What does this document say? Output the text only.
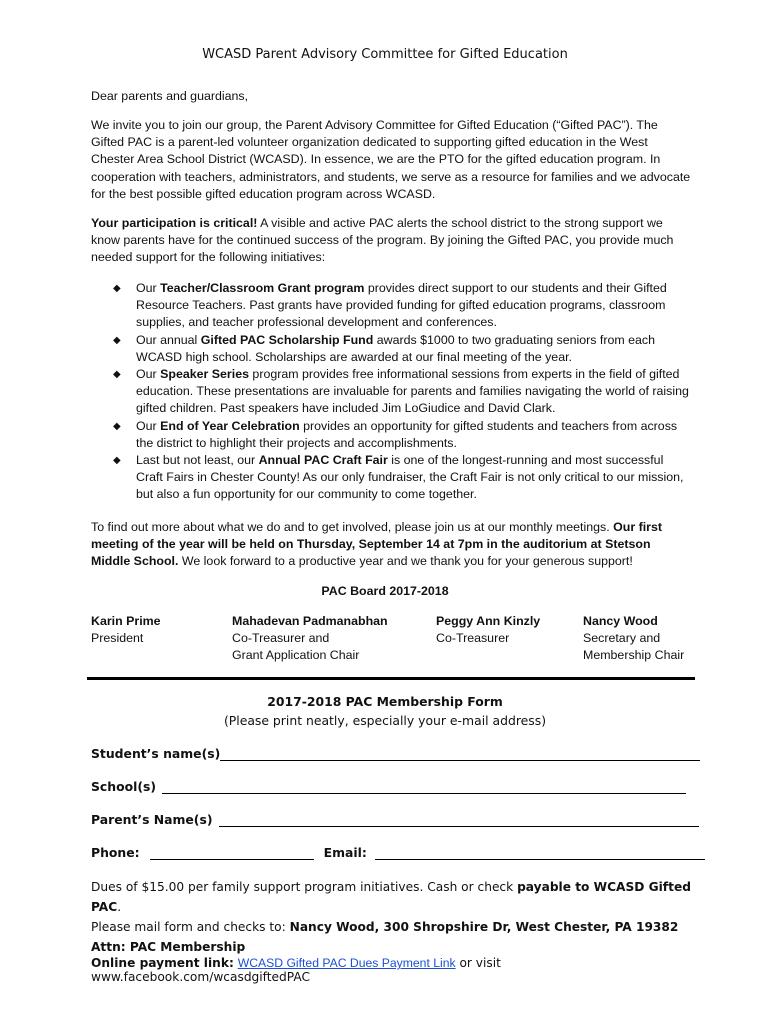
WCASD Parent Advisory Committee for Gifted Education

Dear parents and guardians,

We invite you to join our group, the Parent Advisory Committee for Gifted Education (“Gifted PAC”). The Gifted PAC is a parent-led volunteer organization dedicated to supporting gifted education in the West Chester Area School District (WCASD). In essence, we are the PTO for the gifted education program. In cooperation with teachers, administrators, and students, we serve as a resource for families and we advocate for the best possible gifted education program across WCASD.

Your participation is critical! A visible and active PAC alerts the school district to the strong support we know parents have for the continued success of the program. By joining the Gifted PAC, you provide much needed support for the following initiatives:

◆ Our Teacher/Classroom Grant program provides direct support to our students and their Gifted Resource Teachers. Past grants have provided funding for gifted education programs, classroom supplies, and teacher professional development and conferences.
◆ Our annual Gifted PAC Scholarship Fund awards $1000 to two graduating seniors from each WCASD high school. Scholarships are awarded at our final meeting of the year.
◆ Our Speaker Series program provides free informational sessions from experts in the field of gifted education. These presentations are invaluable for parents and families navigating the world of raising gifted children. Past speakers have included Jim LoGiudice and David Clark.
◆ Our End of Year Celebration provides an opportunity for gifted students and teachers from across the district to highlight their projects and accomplishments.
◆ Last but not least, our Annual PAC Craft Fair is one of the longest-running and most successful Craft Fairs in Chester County! As our only fundraiser, the Craft Fair is not only critical to our mission, but also a fun opportunity for our community to come together.

To find out more about what we do and to get involved, please join us at our monthly meetings. Our first meeting of the year will be held on Thursday, September 14 at 7pm in the auditorium at Stetson Middle School. We look forward to a productive year and we thank you for your generous support!

PAC Board 2017-2018
Karin Prime
President
Mahadevan Padmanabhan
Co-Treasurer and
Grant Application Chair
Peggy Ann Kinzly
Co-Treasurer
Nancy Wood
Secretary and
Membership Chair
2017-2018 PAC Membership Form
(Please print neatly, especially your e-mail address)
Student’s name(s)
School(s)
Parent’s Name(s)
Phone:	Email:
Dues of $15.00 per family support program initiatives. Cash or check payable to WCASD Gifted PAC.
Please mail form and checks to: Nancy Wood, 300 Shropshire Dr, West Chester, PA 19382
Attn: PAC Membership
Online payment link: WCASD Gifted PAC Dues Payment Link or visit www.facebook.com/wcasdgiftedPAC
